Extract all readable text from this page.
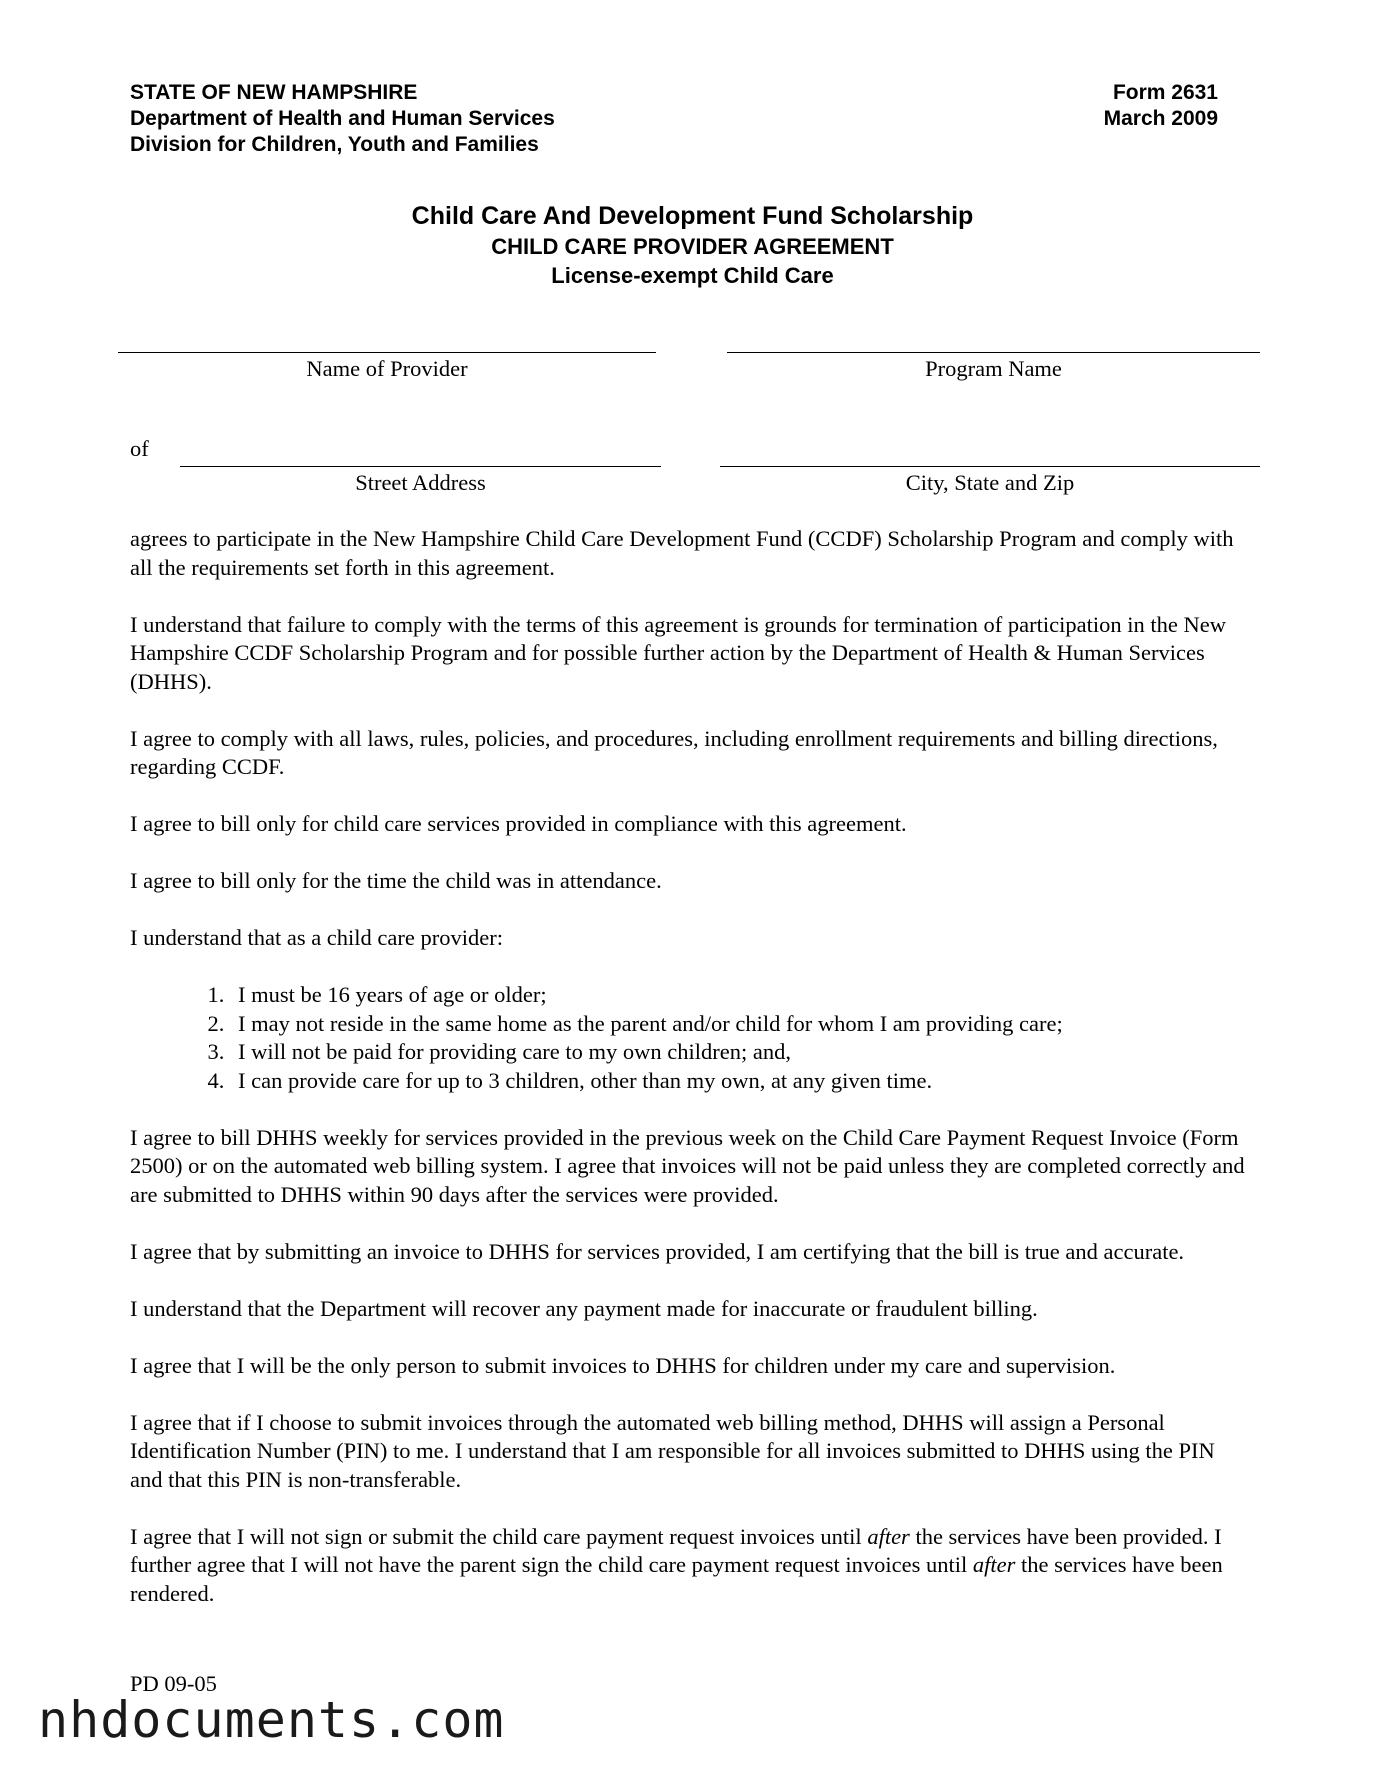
STATE OF NEW HAMPSHIRE
Department of Health and Human Services
Division for Children, Youth and Families
Form 2631
March 2009
Child Care And Development Fund Scholarship
CHILD CARE PROVIDER AGREEMENT
License-exempt Child Care
Name of Provider	Program Name
of
Street Address	City, State and Zip

agrees to participate in the New Hampshire Child Care Development Fund (CCDF) Scholarship Program and comply with all the requirements set forth in this agreement.

I understand that failure to comply with the terms of this agreement is grounds for termination of participation in the New Hampshire CCDF Scholarship Program and for possible further action by the Department of Health & Human Services (DHHS).

I agree to comply with all laws, rules, policies, and procedures, including enrollment requirements and billing directions, regarding CCDF.

I agree to bill only for child care services provided in compliance with this agreement.

I agree to bill only for the time the child was in attendance.

I understand that as a child care provider:

1. I must be 16 years of age or older;
2. I may not reside in the same home as the parent and/or child for whom I am providing care;
3. I will not be paid for providing care to my own children; and,
4. I can provide care for up to 3 children, other than my own, at any given time.

I agree to bill DHHS weekly for services provided in the previous week on the Child Care Payment Request Invoice (Form 2500) or on the automated web billing system. I agree that invoices will not be paid unless they are completed correctly and are submitted to DHHS within 90 days after the services were provided.

I agree that by submitting an invoice to DHHS for services provided, I am certifying that the bill is true and accurate.

I understand that the Department will recover any payment made for inaccurate or fraudulent billing.

I agree that I will be the only person to submit invoices to DHHS for children under my care and supervision.

I agree that if I choose to submit invoices through the automated web billing method, DHHS will assign a Personal Identification Number (PIN) to me. I understand that I am responsible for all invoices submitted to DHHS using the PIN and that this PIN is non-transferable.

I agree that I will not sign or submit the child care payment request invoices until after the services have been provided. I further agree that I will not have the parent sign the child care payment request invoices until after the services have been rendered.

PD 09-05
nhdocuments.com
